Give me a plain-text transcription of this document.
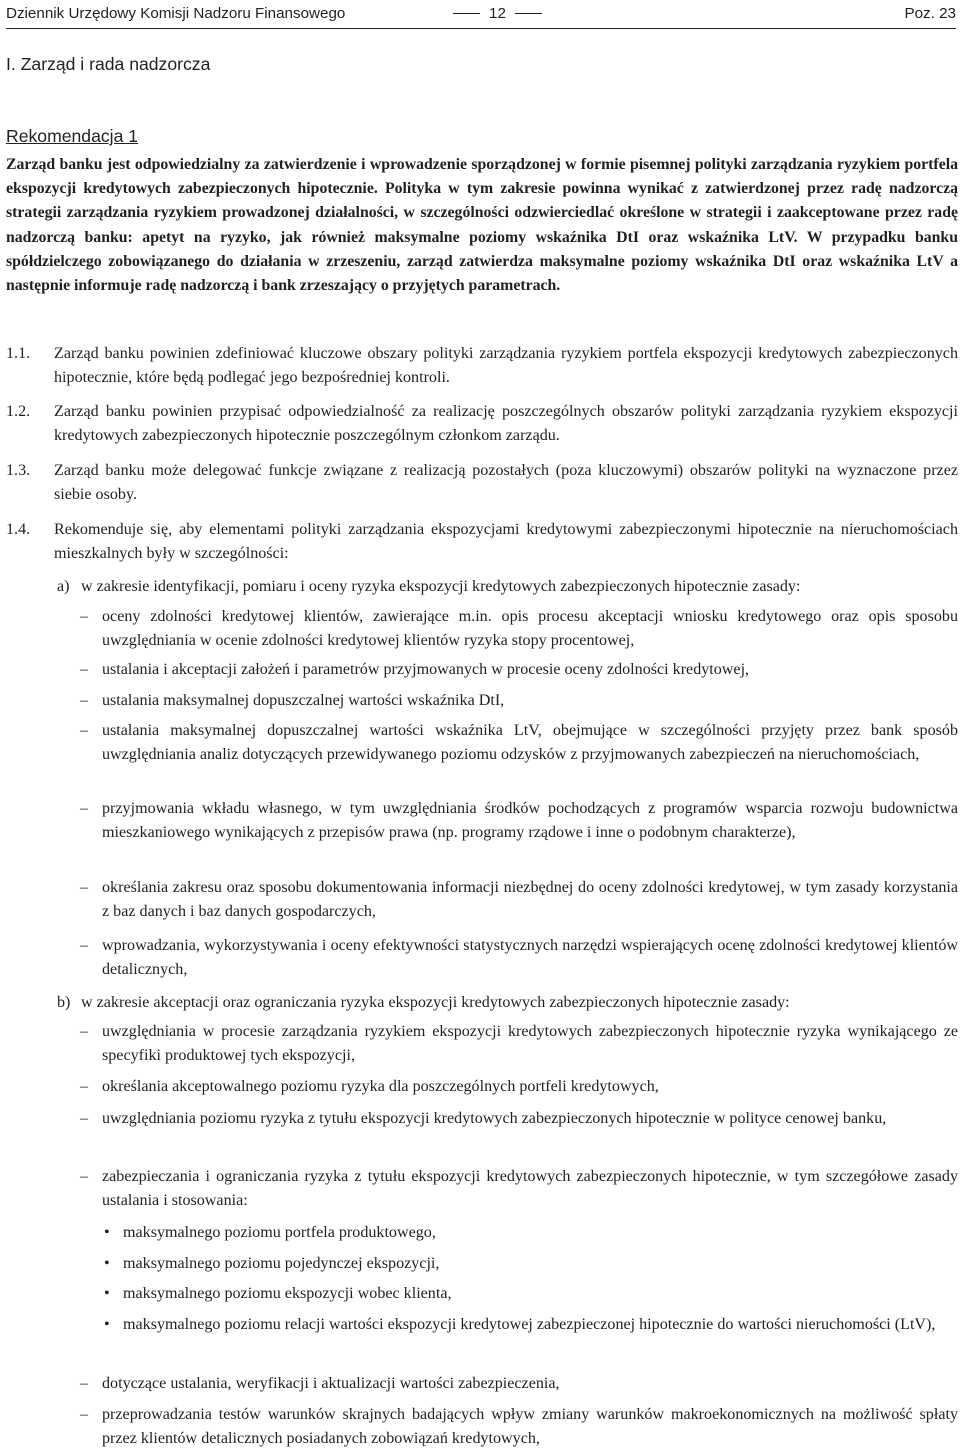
Dziennik Urzędowy Komisji Nadzoru Finansowego	12	Poz. 23
I. Zarząd i rada nadzorcza
Rekomendacja 1

Zarząd banku jest odpowiedzialny za zatwierdzenie i wprowadzenie sporządzonej w formie pisemnej polityki zarządzania ryzykiem portfela ekspozycji kredytowych zabezpieczonych hipotecznie. Polityka w tym zakresie powinna wynikać z zatwierdzonej przez radę nadzorczą strategii zarządzania ryzykiem prowadzonej działalności, w szczególności odzwierciedlać określone w strategii i zaakceptowane przez radę nadzorczą banku: apetyt na ryzyko, jak również maksymalne poziomy wskaźnika DtI oraz wskaźnika LtV. W przypadku banku spółdzielczego zobowiązanego do działania w zrzeszeniu, zarząd zatwierdza maksymalne poziomy wskaźnika DtI oraz wskaźnika LtV a następnie informuje radę nadzorczą i bank zrzeszający o przyjętych parametrach.

1.1. Zarząd banku powinien zdefiniować kluczowe obszary polityki zarządzania ryzykiem portfela ekspozycji kredytowych zabezpieczonych hipotecznie, które będą podlegać jego bezpośredniej kontroli.
1.2. Zarząd banku powinien przypisać odpowiedzialność za realizację poszczególnych obszarów polityki zarządzania ryzykiem ekspozycji kredytowych zabezpieczonych hipotecznie poszczególnym członkom zarządu.
1.3. Zarząd banku może delegować funkcje związane z realizacją pozostałych (poza kluczowymi) obszarów polityki na wyznaczone przez siebie osoby.
1.4. Rekomenduje się, aby elementami polityki zarządzania ekspozycjami kredytowymi zabezpieczonymi hipotecznie na nieruchomościach mieszkalnych były w szczególności:
a) w zakresie identyfikacji, pomiaru i oceny ryzyka ekspozycji kredytowych zabezpieczonych hipotecznie zasady:
– oceny zdolności kredytowej klientów, zawierające m.in. opis procesu akceptacji wniosku kredytowego oraz opis sposobu uwzględniania w ocenie zdolności kredytowej klientów ryzyka stopy procentowej,
– ustalania i akceptacji założeń i parametrów przyjmowanych w procesie oceny zdolności kredytowej,
– ustalania maksymalnej dopuszczalnej wartości wskaźnika DtI,
– ustalania maksymalnej dopuszczalnej wartości wskaźnika LtV, obejmujące w szczególności przyjęty przez bank sposób uwzględniania analiz dotyczących przewidywanego poziomu odzysków z przyjmowanych zabezpieczeń na nieruchomościach,
– przyjmowania wkładu własnego, w tym uwzględniania środków pochodzących z programów wsparcia rozwoju budownictwa mieszkaniowego wynikających z przepisów prawa (np. programy rządowe i inne o podobnym charakterze),
– określania zakresu oraz sposobu dokumentowania informacji niezbędnej do oceny zdolności kredytowej, w tym zasady korzystania z baz danych i baz danych gospodarczych,
– wprowadzania, wykorzystywania i oceny efektywności statystycznych narzędzi wspierających ocenę zdolności kredytowej klientów detalicznych,
b) w zakresie akceptacji oraz ograniczania ryzyka ekspozycji kredytowych zabezpieczonych hipotecznie zasady:
– uwzględniania w procesie zarządzania ryzykiem ekspozycji kredytowych zabezpieczonych hipotecznie ryzyka wynikającego ze specyfiki produktowej tych ekspozycji,
– określania akceptowalnego poziomu ryzyka dla poszczególnych portfeli kredytowych,
– uwzględniania poziomu ryzyka z tytułu ekspozycji kredytowych zabezpieczonych hipotecznie w polityce cenowej banku,
– zabezpieczania i ograniczania ryzyka z tytułu ekspozycji kredytowych zabezpieczonych hipotecznie, w tym szczegółowe zasady ustalania i stosowania:
• maksymalnego poziomu portfela produktowego,
• maksymalnego poziomu pojedynczej ekspozycji,
• maksymalnego poziomu ekspozycji wobec klienta,
• maksymalnego poziomu relacji wartości ekspozycji kredytowej zabezpieczonej hipotecznie do wartości nieruchomości (LtV),
– dotyczące ustalania, weryfikacji i aktualizacji wartości zabezpieczenia,
– przeprowadzania testów warunków skrajnych badających wpływ zmiany warunków makroekonomicznych na możliwość spłaty przez klientów detalicznych posiadanych zobowiązań kredytowych,
